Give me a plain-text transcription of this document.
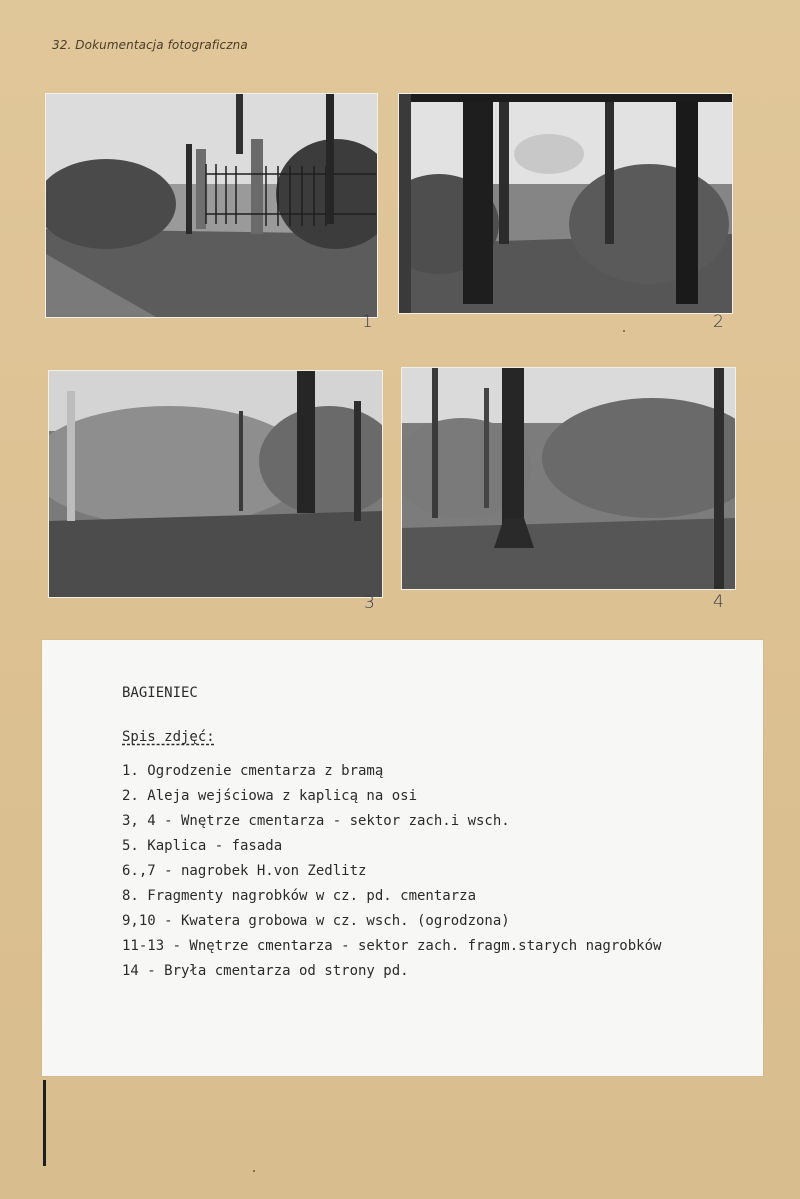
32. Dokumentacja fotograficzna
1	2
3	4
BAGIENIEC
Spis zdjęć:
1. Ogrodzenie cmentarza z bramą
2. Aleja wejściowa z kaplicą na osi
3, 4 - Wnętrze cmentarza - sektor zach.i wsch.
5. Kaplica - fasada
6.,7 - nagrobek H.von Zedlitz
8. Fragmenty nagrobków w cz. pd. cmentarza
9,10 - Kwatera grobowa w cz. wsch. (ogrodzona)
11-13 - Wnętrze cmentarza - sektor zach. fragm.starych nagrobków
14 - Bryła cmentarza od strony pd.
